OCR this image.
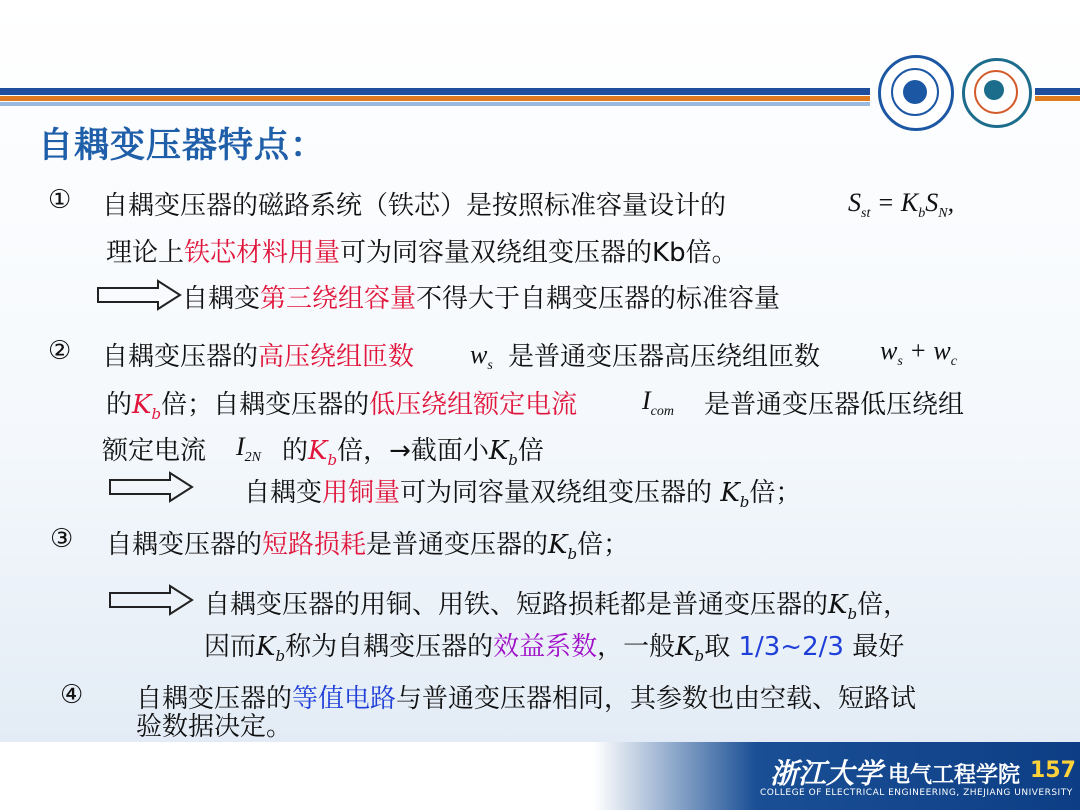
自耦变压器特点：
① 自耦变压器的磁路系统（铁芯）是按照标准容量设计的	$S_{st} = K_bS_N$,
理论上铁芯材料用量可为同容量双绕组变压器的Kb倍。
自耦变第三绕组容量不得大于自耦变压器的标准容量
② 自耦变压器的高压绕组匝数 $w_s$ 是普通变压器高压绕组匝数 $w_s + w_c$
的$K_b$倍；自耦变压器的低压绕组额定电流 $I_{com}$ 是普通变压器低压绕组
额定电流 $I_{2N}$ 的$K_b$倍，→截面小$K_b$倍
自耦变用铜量可为同容量双绕组变压器的 $K_b$倍；
③ 自耦变压器的短路损耗是普通变压器的$K_b$倍；
自耦变压器的用铜、用铁、短路损耗都是普通变压器的$K_b$倍，
因而$K_b$称为自耦变压器的效益系数，一般$K_b$取 1/3~2/3 最好
④ 自耦变压器的等值电路与普通变压器相同，其参数也由空载、短路试
验数据决定。
浙江大学 电气工程学院 157
COLLEGE OF ELECTRICAL ENGINEERING, ZHEJIANG UNIVERSITY
